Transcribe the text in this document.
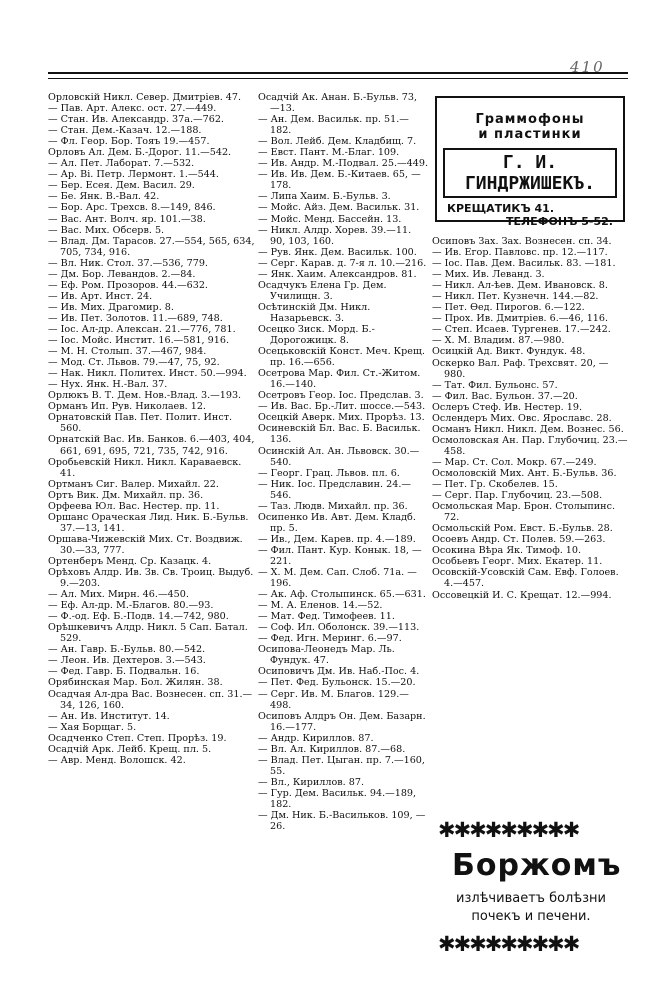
410
Орловскій Никл. Север. Дмитріев. 47.
— Пав. Арт. Алекс. ост. 27.—449.
— Стан. Ив. Александр. 37а.—762.
— Стан. Дем.-Казач. 12.—188.
— Фл. Геор. Бор. Тояъ 19.—457.
Орловъ Ал. Дем. Б.-Дорог. 11.—542.
— Ал. Пет. Лаборат. 7.—532.
— Ар. Ві. Петр. Лермонт. 1.—544.
— Бер. Есея. Дем. Васил. 29.
— Бе. Янк. В.-Вал. 42.
— Бор. Арс. Трехсв. 8.—149, 846.
— Вас. Ант. Волч. яр. 101.—38.
— Вас. Мих. Обсерв. 5.
— Влад. Дм. Тарасов. 27.—554, 565, 634, 705, 734, 916.
— Вл. Ник. Стол. 37.—536, 779.
— Дм. Бор. Левандов. 2.—84.
— Еф. Ром. Прозоров. 44.—632.
— Ив. Арт. Инст. 24.
— Ив. Мих. Драгомир. 8.
— Ив. Пет. Золотов. 11.—689, 748.
— Іос. Ал-др. Алексан. 21.—776, 781.
— Іос. Мойс. Инстит. 16.—581, 916.
— М. Н. Столып. 37.—467, 984.
— Мод. Ст. Львов. 79.—47, 75, 92.
— Нак. Никл. Политех. Инст. 50.—994.
— Нух. Янк. Н.-Вал. 37.
Орлюкъ В. Т. Дем. Нов.-Влад. 3.—193.
Орманъ Ип. Рув. Николаев. 12.
Орнатовскій Пав. Пет. Полит. Инст. 560.
Орнатскій Вас. Ив. Банков. 6.—403, 404, 661, 691, 695, 721, 735, 742, 916.
Оробьевскій Никл. Никл. Караваевск. 41.
Ортманъ Сиг. Валер. Михайл. 22.
Ортъ Вик. Дм. Михайл. пр. 36.
Орфеева Юл. Вас. Нестер. пр. 11.
Оршанс Ораческая Лид. Ник. Б.-Бульв. 37.—13, 141.
Оршава-Чижевскій Мих. Ст. Воздвиж. 30.—33, 777.
Ортенберъ Менд. Ср. Казацк. 4.
Орѣховъ Алдр. Ив. Зв. Св. Троиц. Выдуб. 9.—203.
— Ал. Мих. Мирн. 46.—450.
— Еф. Ал-др. М.-Благов. 80.—93.
— Ф.-од. Еф. Б.-Подв. 14.—742, 980.
Орѣшкевичъ Алдр. Никл. 5 Сап. Батал. 529.
— Ан. Гавр. Б.-Бульв. 80.—542.
— Леон. Ив. Дехтеров. 3.—543.
— Фед. Гавр. Б. Подвальн. 16.
Орябинская Мар. Бол. Жилян. 38.
Осадчая Ал-дра Вас. Вознесен. сп. 31.—34, 126, 160.
— Ан. Ив. Институт. 14.
— Хая Борщаг. 5.
Осадченко Степ. Степ. Прорѣз. 19.
Осадчій Арк. Лейб. Крещ. пл. 5.
— Авр. Менд. Волошск. 42.
Осадчій Ак. Анан. Б.-Бульв. 73, —13.
— Ан. Дем. Васильк. пр. 51.—182.
— Вол. Лейб. Дем. Кладбищ. 7.
— Евст. Пант. М.-Благ. 109.
— Ив. Андр. М.-Подвал. 25.—449.
— Ив. Ив. Дем. Б.-Китаев. 65, —178.
— Липа Хаим. Б.-Бульв. 3.
— Мойс. Айз. Дем. Васильк. 31.
— Мойс. Менд. Бассейн. 13.
— Никл. Алдр. Хорев. 39.—11. 90, 103, 160.
— Рув. Янк. Дем. Васильк. 100.
— Серг. Карав. д. 7-я л. 10.—216.
— Янк. Хаим. Александров. 81.
Осадчукъ Елена Гр. Дем. Училищн. 3.
Осѣтинскій Дм. Никл. Назарьевск. 3.
Осецко Зиск. Морд. Б.-Дорогожицк. 8.
Осецьковскій Конст. Меч. Крещ. пр. 16.—656.
Осетрова Мар. Фил. Ст.-Житом. 16.—140.
Осетровъ Геор. Іос. Предслав. 3.
— Ив. Вас. Бр.-Лит. шоссе.—543.
Осецкій Аверк. Мих. Прорѣз. 13.
Осиневскій Бл. Вас. Б. Васильк. 136.
Осинскій Ал. Ан. Львовск. 30.—540.
— Георг. Грац. Львов. пл. 6.
— Ник. Іос. Предславин. 24.—546.
— Таз. Людв. Михайл. пр. 36.
Осипенко Ив. Авт. Дем. Кладб. пр. 5.
— Ив., Дем. Карев. пр. 4.—189.
— Фил. Пант. Кур. Конык. 18, —221.
— Х. М. Дем. Сап. Слоб. 71а. —196.
— Ак. Аф. Столыпинск. 65.—631.
— М. А. Еленов. 14.—52.
— Мат. Фед. Тимофеев. 11.
— Соф. Ил. Оболонск. 39.—113.
— Фед. Игн. Меринг. 6.—97.
Осипова-Леонедъ Мар. Ль. Фундук. 47.
Осиповичъ Дм. Ив. Наб.-Пос. 4.
— Пет. Фед. Бульонск. 15.—20.
— Серг. Ив. М. Благов. 129.—498.
Осиповъ Алдръ Он. Дем. Базарн. 16.—177.
— Андр. Кириллов. 87.
— Вл. Ал. Кириллов. 87.—68.
— Влад. Пет. Цыган. пр. 7.—160, 55.
— Вл., Кириллов. 87.
— Гур. Дем. Васильк. 94.—189, 182.
— Дм. Ник. Б.-Васильков. 109, —26.
Граммофоны
и пластинки
Г. И. ГИНДРЖИШЕКЪ.
КРЕЩАТИКЪ 41.
ТЕЛЕФОНЪ 5-52.
Осиповъ Зах. Зах. Вознесен. сп. 34.
— Ив. Егор. Павловс. пр. 12.—117.
— Іос. Пав. Дем. Васильк. 83. —181.
— Мих. Ив. Леванд. 3.
— Никл. Ал-ѣев. Дем. Ивановск. 8.
— Никл. Пет. Кузнечн. 144.—82.
— Пет. Өед. Пирогов. 6.—122.
— Прох. Ив. Дмитріев. 6.—46, 116.
— Степ. Исаев. Тургенев. 17.—242.
— Х. М. Владим. 87.—980.
Осицкій Ад. Викт. Фундук. 48.
Оскерко Вал. Раф. Трехсвят. 20, —980.
— Тат. Фил. Бульонс. 57.
— Фил. Вас. Бульон. 37.—20.
Ослеръ Стеф. Ив. Нестер. 19.
Ослендеръ Мих. Овс. Ярославс. 28.
Османъ Никл. Никл. Дем. Вознес. 56.
Осмоловская Ан. Пар. Глубочиц. 23.—458.
— Мар. Ст. Сол. Мокр. 67.—249.
Осмоловскій Мих. Ант. Б.-Бульв. 36.
— Пет. Гр. Скобелев. 15.
— Серг. Пар. Глубочиц. 23.—508.
Осмольская Мар. Брон. Столыпинс. 72.
Осмольскій Ром. Евст. Б.-Бульв. 28.
Осоевъ Андр. Ст. Полев. 59.—263.
Осокина Вѣра Як. Тимоф. 10.
Особьевъ Георг. Мих. Екатер. 11.
Осовскій-Усовскій Сам. Евф. Голоев. 4.—457.
Оссовецкій И. С. Крещат. 12.—994.
✱✱✱✱✱✱✱✱✱
Боржомъ
излѣчиваетъ болѣзни почекъ и печени.
✱✱✱✱✱✱✱✱✱
